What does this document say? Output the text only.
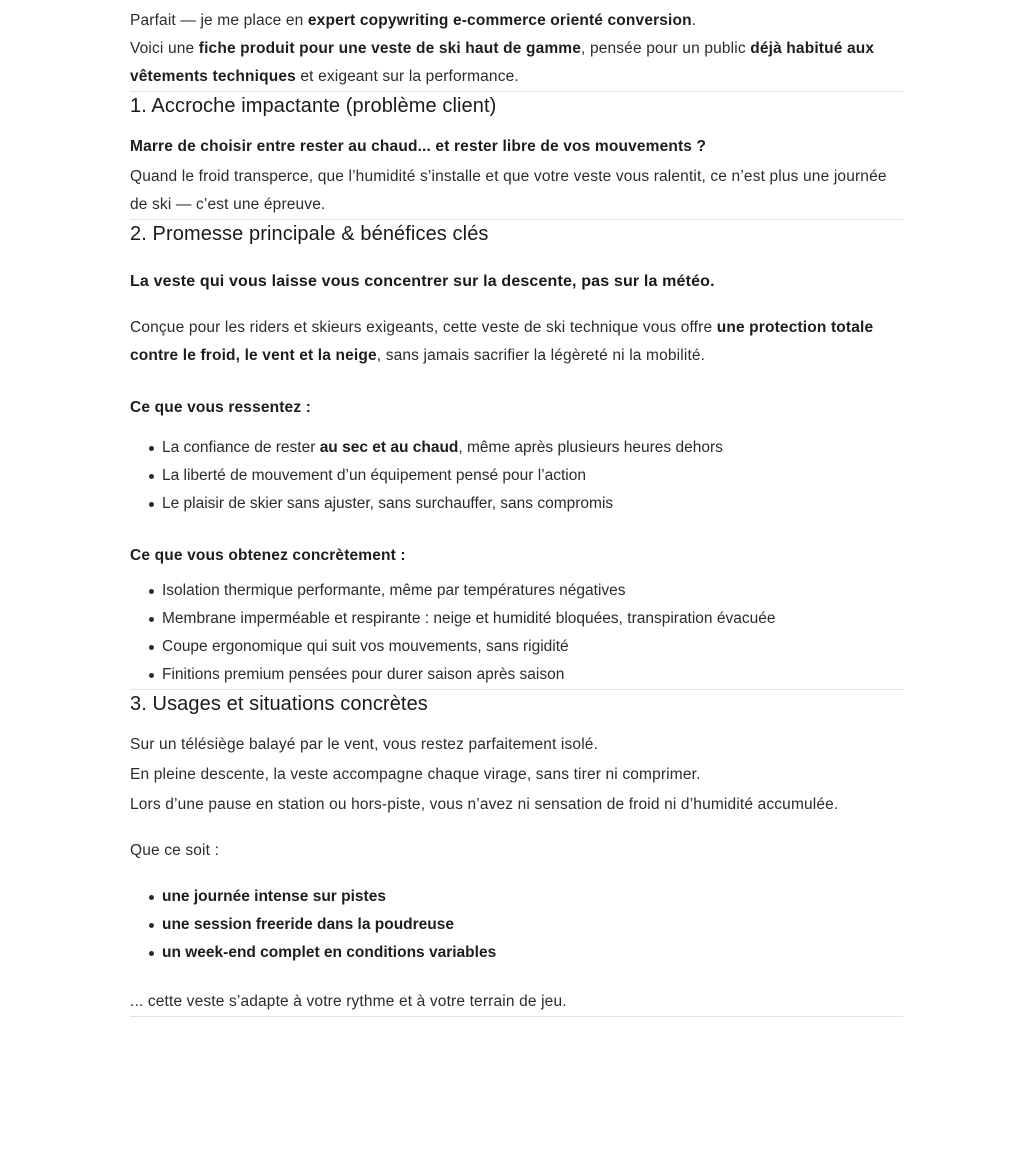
Parfait — je me place en expert copywriting e-commerce orienté conversion.

Voici une fiche produit pour une veste de ski haut de gamme, pensée pour un public déjà habitué aux vêtements techniques et exigeant sur la performance.

1. Accroche impactante (problème client)

Marre de choisir entre rester au chaud... et rester libre de vos mouvements ?

Quand le froid transperce, que l’humidité s’installe et que votre veste vous ralentit, ce n’est plus une journée de ski — c’est une épreuve.

2. Promesse principale & bénéfices clés

La veste qui vous laisse vous concentrer sur la descente, pas sur la météo.

Conçue pour les riders et skieurs exigeants, cette veste de ski technique vous offre une protection totale contre le froid, le vent et la neige, sans jamais sacrifier la légèreté ni la mobilité.

Ce que vous ressentez :

La confiance de rester au sec et au chaud, même après plusieurs heures dehors
La liberté de mouvement d’un équipement pensé pour l’action
Le plaisir de skier sans ajuster, sans surchauffer, sans compromis

Ce que vous obtenez concrètement :

Isolation thermique performante, même par températures négatives
Membrane imperméable et respirante : neige et humidité bloquées, transpiration évacuée
Coupe ergonomique qui suit vos mouvements, sans rigidité
Finitions premium pensées pour durer saison après saison
3. Usages et situations concrètes

Sur un télésiège balayé par le vent, vous restez parfaitement isolé.

En pleine descente, la veste accompagne chaque virage, sans tirer ni comprimer.

Lors d’une pause en station ou hors-piste, vous n’avez ni sensation de froid ni d’humidité accumulée.

Que ce soit :

une journée intense sur pistes
une session freeride dans la poudreuse
un week-end complet en conditions variables

... cette veste s’adapte à votre rythme et à votre terrain de jeu.
